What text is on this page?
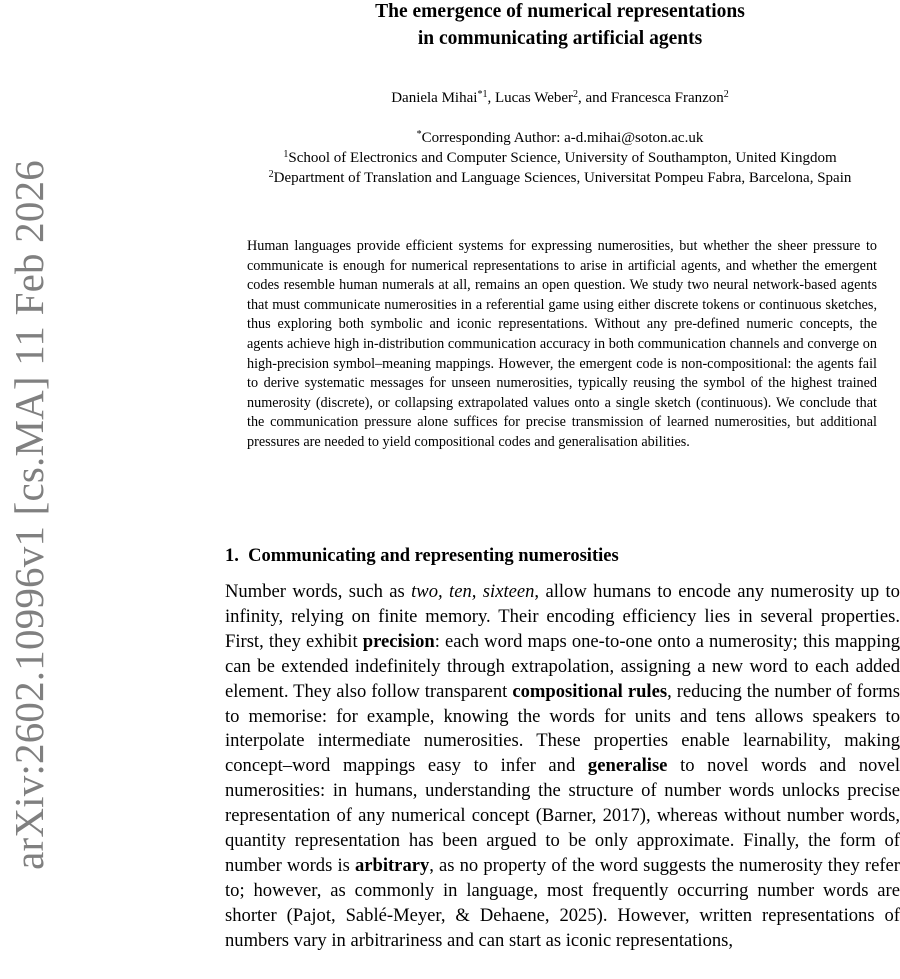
arXiv:2602.10996v1 [cs.MA] 11 Feb 2026
The emergence of numerical representations
in communicating artificial agents
Daniela Mihai$^{*1}$, Lucas Weber$^2$, and Francesca Franzon$^2$
*Corresponding Author: a-d.mihai@soton.ac.uk
$^1$School of Electronics and Computer Science, University of Southampton, United Kingdom
$^2$Department of Translation and Language Sciences, Universitat Pompeu Fabra, Barcelona, Spain
Human languages provide efficient systems for expressing numerosities, but whether the sheer pressure to communicate is enough for numerical representations to arise in artificial agents, and whether the emergent codes resemble human numerals at all, remains an open question. We study two neural network-based agents that must communicate numerosities in a referential game using either discrete tokens or continuous sketches, thus exploring both symbolic and iconic representations. Without any pre-defined numeric concepts, the agents achieve high in-distribution communication accuracy in both communication channels and converge on high-precision symbol–meaning mappings. However, the emergent code is non-compositional: the agents fail to derive systematic messages for unseen numerosities, typically reusing the symbol of the highest trained numerosity (discrete), or collapsing extrapolated values onto a single sketch (continuous). We conclude that the communication pressure alone suffices for precise transmission of learned numerosities, but additional pressures are needed to yield compositional codes and generalisation abilities.
1. Communicating and representing numerosities
Number words, such as two, ten, sixteen, allow humans to encode any numerosity up to infinity, relying on finite memory. Their encoding efficiency lies in several properties. First, they exhibit precision: each word maps one-to-one onto a numerosity; this mapping can be extended indefinitely through extrapolation, assigning a new word to each added element. They also follow transparent compositional rules, reducing the number of forms to memorise: for example, knowing the words for units and tens allows speakers to interpolate intermediate numerosities. These properties enable learnability, making concept–word mappings easy to infer and generalise to novel words and novel numerosities: in humans, understanding the structure of number words unlocks precise representation of any numerical concept (Barner, 2017), whereas without number words, quantity representation has been argued to be only approximate. Finally, the form of number words is arbitrary, as no property of the word suggests the numerosity they refer to; however, as commonly in language, most frequently occurring number words are shorter (Pajot, Sablé-Meyer, & Dehaene, 2025). However, written representations of numbers vary in arbitrariness and can start as iconic representations,
